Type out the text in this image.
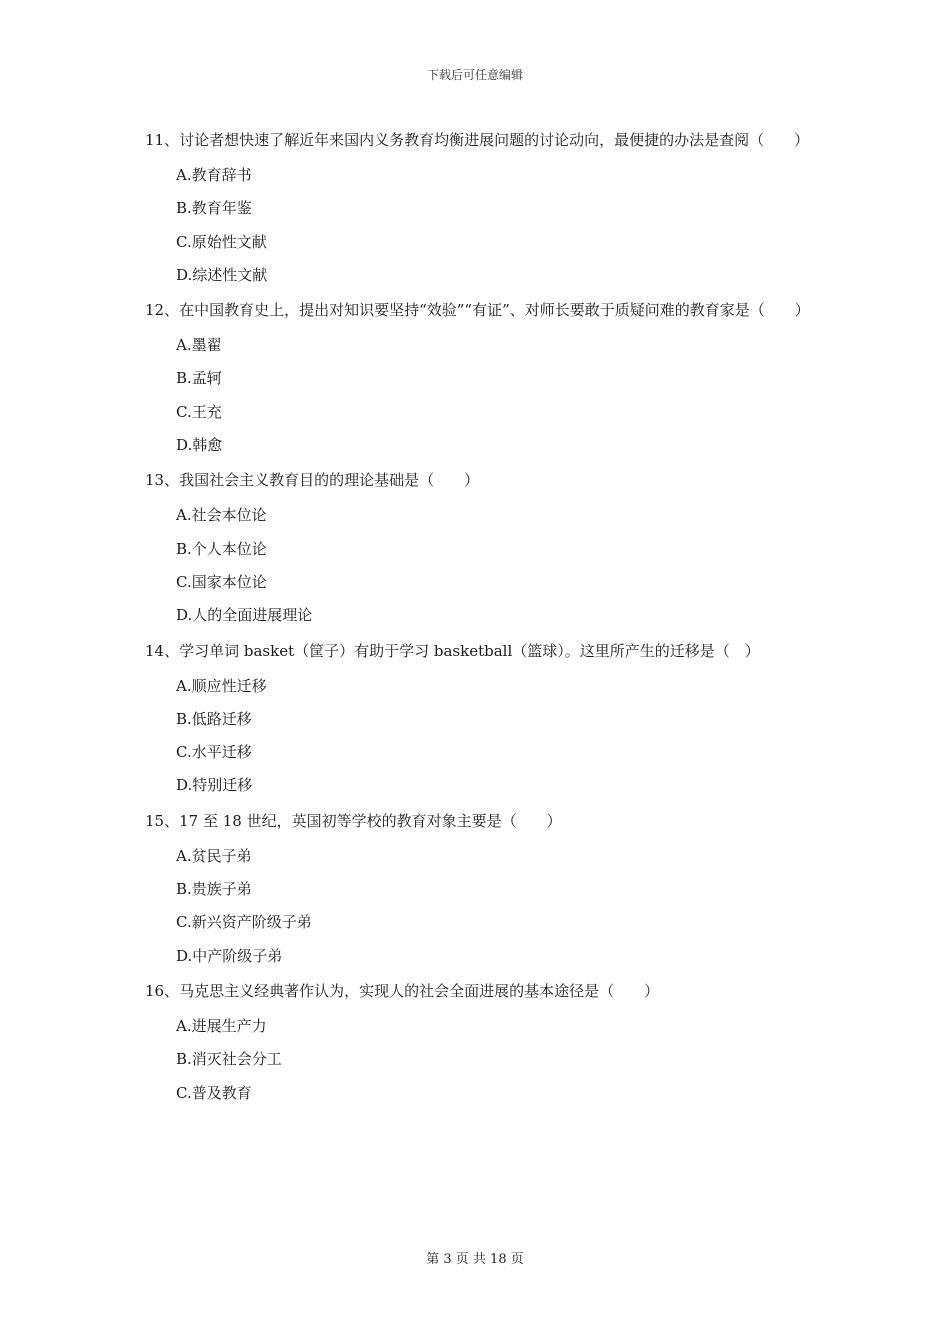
下载后可任意编辑

11、讨论者想快速了解近年来国内义务教育均衡进展问题的讨论动向，最便捷的办法是查阅（　　）

A.教育辞书

B.教育年鉴

C.原始性文献

D.综述性文献

12、在中国教育史上，提出对知识要坚持“效验”“有证”、对师长要敢于质疑问难的教育家是（　　）

A.墨翟

B.孟轲

C.王充

D.韩愈

13、我国社会主义教育目的的理论基础是（　　）

A.社会本位论

B.个人本位论

C.国家本位论

D.人的全面进展理论

14、学习单词 basket（筐子）有助于学习 basketball（篮球）。这里所产生的迁移是（　）

A.顺应性迁移

B.低路迁移

C.水平迁移

D.特别迁移

15、17 至 18 世纪，英国初等学校的教育对象主要是（　　）

A.贫民子弟

B.贵族子弟

C.新兴资产阶级子弟

D.中产阶级子弟

16、马克思主义经典著作认为，实现人的社会全面进展的基本途径是（　　）

A.进展生产力

B.消灭社会分工

C.普及教育

第 3 页 共 18 页
